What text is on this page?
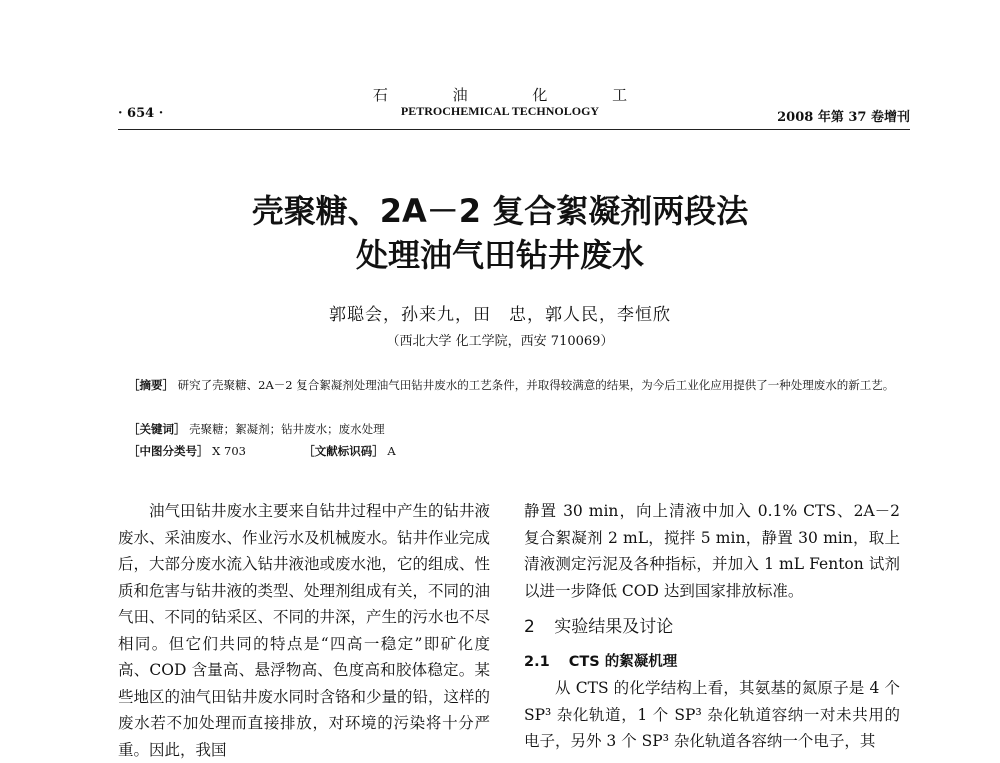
石 油 化 工
· 654 ·	PETROCHEMICAL TECHNOLOGY	2008 年第 37 卷增刊
壳聚糖、2A－2 复合絮凝剂两段法
处理油气田钻井废水
郭聪会，孙来九，田　忠，郭人民，李恒欣
（西北大学 化工学院，西安 710069）
［摘要］ 研究了壳聚糖、2A－2 复合絮凝剂处理油气田钻井废水的工艺条件，并取得较满意的结果，为今后工业化应用提供了一种处理废水的新工艺。
［关键词］ 壳聚糖；絮凝剂；钻井废水；废水处理
［中图分类号］ X 703	［文献标识码］ A

油气田钻井废水主要来自钻井过程中产生的钻井液废水、采油废水、作业污水及机械废水。钻井作业完成后，大部分废水流入钻井液池或废水池，它的组成、性质和危害与钻井液的类型、处理剂组成有关，不同的油气田、不同的钻采区、不同的井深，产生的污水也不尽相同。但它们共同的特点是“四高一稳定”即矿化度高、COD 含量高、悬浮物高、色度高和胶体稳定。某些地区的油气田钻井废水同时含铬和少量的铅，这样的废水若不加处理而直接排放，对环境的污染将十分严重。因此，我国

静置 30 min，向上清液中加入 0.1% CTS、2A－2 复合絮凝剂 2 mL，搅拌 5 min，静置 30 min，取上清液测定污泥及各种指标，并加入 1 mL Fenton 试剂以进一步降低 COD 达到国家排放标准。

2 实验结果及讨论

2.1 CTS 的絮凝机理

从 CTS 的化学结构上看，其氨基的氮原子是 4 个 SP³ 杂化轨道，1 个 SP³ 杂化轨道容纳一对未共用的电子，另外 3 个 SP³ 杂化轨道各容纳一个电子，其
